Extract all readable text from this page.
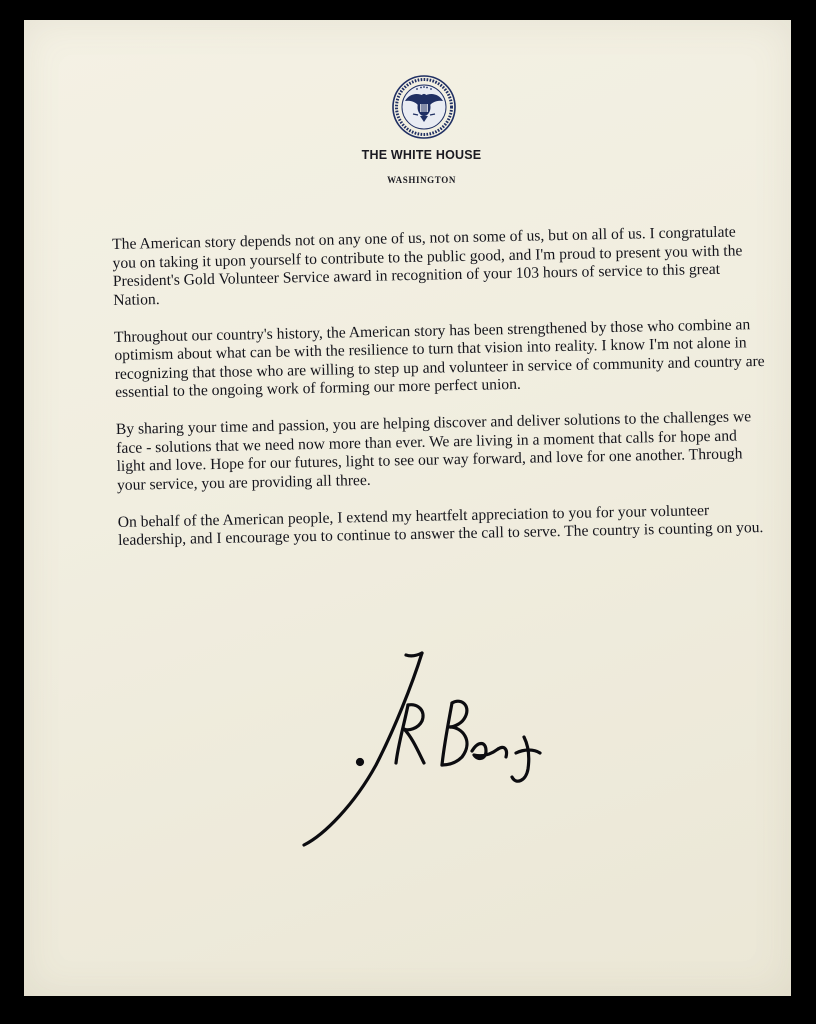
THE WHITE HOUSE
WASHINGTON

The American story depends not on any one of us, not on some of us, but on all of us. I congratulate you on taking it upon yourself to contribute to the public good, and I'm proud to present you with the President's Gold Volunteer Service award in recognition of your 103 hours of service to this great Nation.

Throughout our country's history, the American story has been strengthened by those who combine an optimism about what can be with the resilience to turn that vision into reality. I know I'm not alone in recognizing that those who are willing to step up and volunteer in service of community and country are essential to the ongoing work of forming our more perfect union.

By sharing your time and passion, you are helping discover and deliver solutions to the challenges we face - solutions that we need now more than ever. We are living in a moment that calls for hope and light and love. Hope for our futures, light to see our way forward, and love for one another. Through your service, you are providing all three.

On behalf of the American people, I extend my heartfelt appreciation to you for your volunteer leadership, and I encourage you to continue to answer the call to serve. The country is counting on you.
